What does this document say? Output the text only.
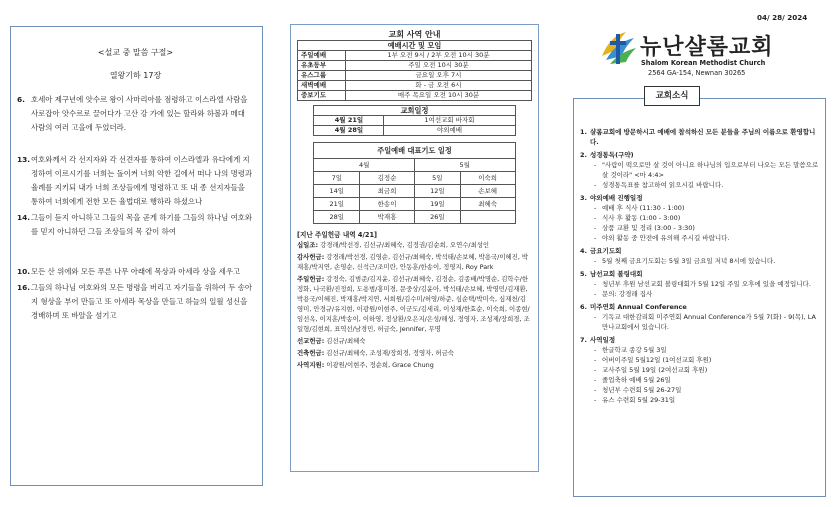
<설교 중 말씀 구절>
열왕기하 17장
6. 호세아 제구년에 앗수르 왕이 사마리아를 점령하고 이스라엘 사람을 사로잡아 앗수르로 끌어다가 고산 강 가에 있는 할라와 하볼과 메대 사람의 여러 고을에 두었더라.
13. 여호와께서 각 선지자와 각 선견자를 통하여 이스라엘과 유다에게 지정하여 이르시기를 너희는 돌이켜 너희 악한 길에서 떠나 나의 명령과 율례를 지키되 내가 너희 조상들에게 명령하고 또 내 종 선지자들을 통하여 너희에게 전한 모든 율법대로 행하라 하셨으나
14. 그들이 듣지 아니하고 그들의 목을 곧게 하기를 그들의 하나님 여호와를 믿지 아니하던 그들 조상들의 목 같이 하여
10. 모든 산 위에와 모든 푸른 나무 아래에 목상과 아세라 상을 세우고
16. 그들의 하나님 여호와의 모든 명령을 버리고 자기들을 위하여 두 송아지 형상을 부어 만들고 또 아세라 목상을 만들고 하늘의 일월 성신을 경배하며 또 바알을 섬기고
교회 사역 안내
예배시간 및 모임	
주일예배	1부 오전 9시 / 2부 오전 10시 30분
유초등부	주일 오전 10시 30분
유스그룹	금요일 오후 7시
새벽예배	화 - 금 오전 6시
중보기도	매주 목요일 오전 10시 30분
교회일정	
4월 21일	1여선교회 바자회
4월 28일	야외예배
주일예배 대표기도 일정			
4월		5월	
7일	김정순	5일	이숙희
14일	최금희	12일	손보혜
21일	한송이	19일	최혜숙
28일	박재홍	26일	
[지난 주일헌금 내역 4/21]

십일조: 강경래/박선경, 김선규/최혜숙, 김정권/김순희, 오연수/최성인

감사헌금: 강경래/박선경, 김영순, 김선규/최혜숙, 박석태/손보혜, 박용국/이혜진, 박재홍/박지연, 손영순, 신석근/조미란, 안동훈/한송이, 정영지, Roy Park

주일헌금: 강정숙, 김범준/김지윤, 김선규/최혜숙, 김정순, 김종배/박명순, 김학수/한정화, 나국환/진정희, 도용범/홍미경, 문중상/김윤아, 박석태/손보혜, 박영민/김재환, 박용국/이혜진, 박재홍/박지연, 서희원/김수미/허영/하준, 심순택/박미숙, 심재천/김영미, 안경규/유지현, 이광원/이현주, 이군도/김세리, 이성재/한효순, 이숙희, 이종현/임선옥, 이지훈/박송이, 이하영, 정상환/오은지/은성/해성, 정영자, 조성제/장희경, 조일형/김현희, 표역선/남경민, 허금숙, Jennifer, 무명

선교헌금: 김선규/최혜숙

건축헌금: 김선규/최혜숙, 조성재/장희경, 정영자, 허금숙

사역지원: 이광원/이현주, 정순희, Grace Chung

04/ 28/ 2024
뉴난샬롬교회
Shalom Korean Methodist Church
2564 GA-154, Newnan 30265
교회소식
1. 샬롬교회에 방문하시고 예배에 참석하신 모든 분들을 주님의 이름으로 환영합니다.
2. 성경통독(구약)
- "사람이 떡으로만 살 것이 아니요 하나님의 입으로부터 나오는 모든 말씀으로 살 것이라" <마 4:4>
- 성경통독표를 참고하여 읽으시길 바랍니다.
3. 야외예배 진행일정
- 예배 후 식사 (11:30 - 1:00)
- 식사 후 활동 (1:00 - 3:00)
- 상품 교환 및 정리 (3:00 - 3:30)
- 야외 활동 중 안전에 유의해 주시길 바랍니다.
4. 금요기도회
- 5월 첫째 금요기도회는 5월 3일 금요일 저녁 8시에 있습니다.
5. 남선교회 볼링대회
- 청년부 후원 남선교회 볼링대회가 5월 12일 주일 오후에 있을 예정입니다.
- 문의: 강경래 집사
6. 미주연회 Annual Conference
- 기독교 대한감리회 미주연회 Annual Conference가 5월 7(화) - 9(목), LA 만나교회에서 있습니다.
7. 사역일정
- 한글학교 종강 5월 3일
- 어버이주일 5월12일 (1여선교회 후원)
- 교사주일 5월 19일 (2여선교회 후원)
- 졸업축하 예배 5월 26일
- 청년부 수련회 5월 26-27일
- 유스 수련회 5월 29-31일
